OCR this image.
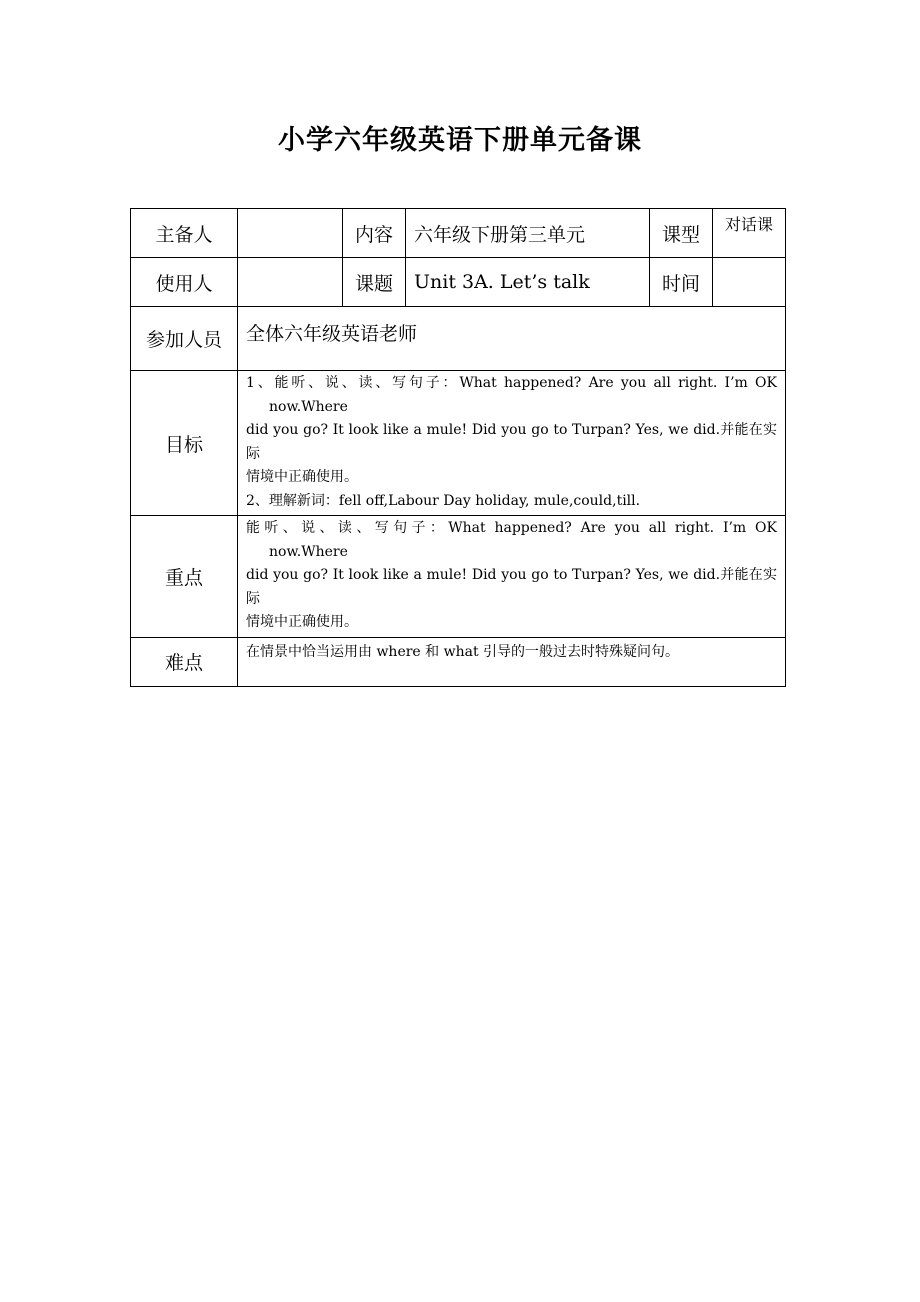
小学六年级英语下册单元备课
主备人		内容	六年级下册第三单元	课型	对话课
使用人		课题	Unit 3A. Let’s talk	时间	
参加人员	全体六年级英语老师				
目标	1、能听、说、读、写句子：What happened? Are you all right. I’m OK
now.Where
did you go? It look like a mule! Did you go to Turpan? Yes, we did.并能在实际
情境中正确使用。
2、理解新词：fell off,Labour Day holiday, mule,could,till.				

重点	能听、说、读、写句子：What happened? Are you all right. I’m OK
now.Where
did you go? It look like a mule! Did you go to Turpan? Yes, we did.并能在实际
情境中正确使用。				

难点	在情景中恰当运用由 where 和 what 引导的一般过去时特殊疑问句。				
